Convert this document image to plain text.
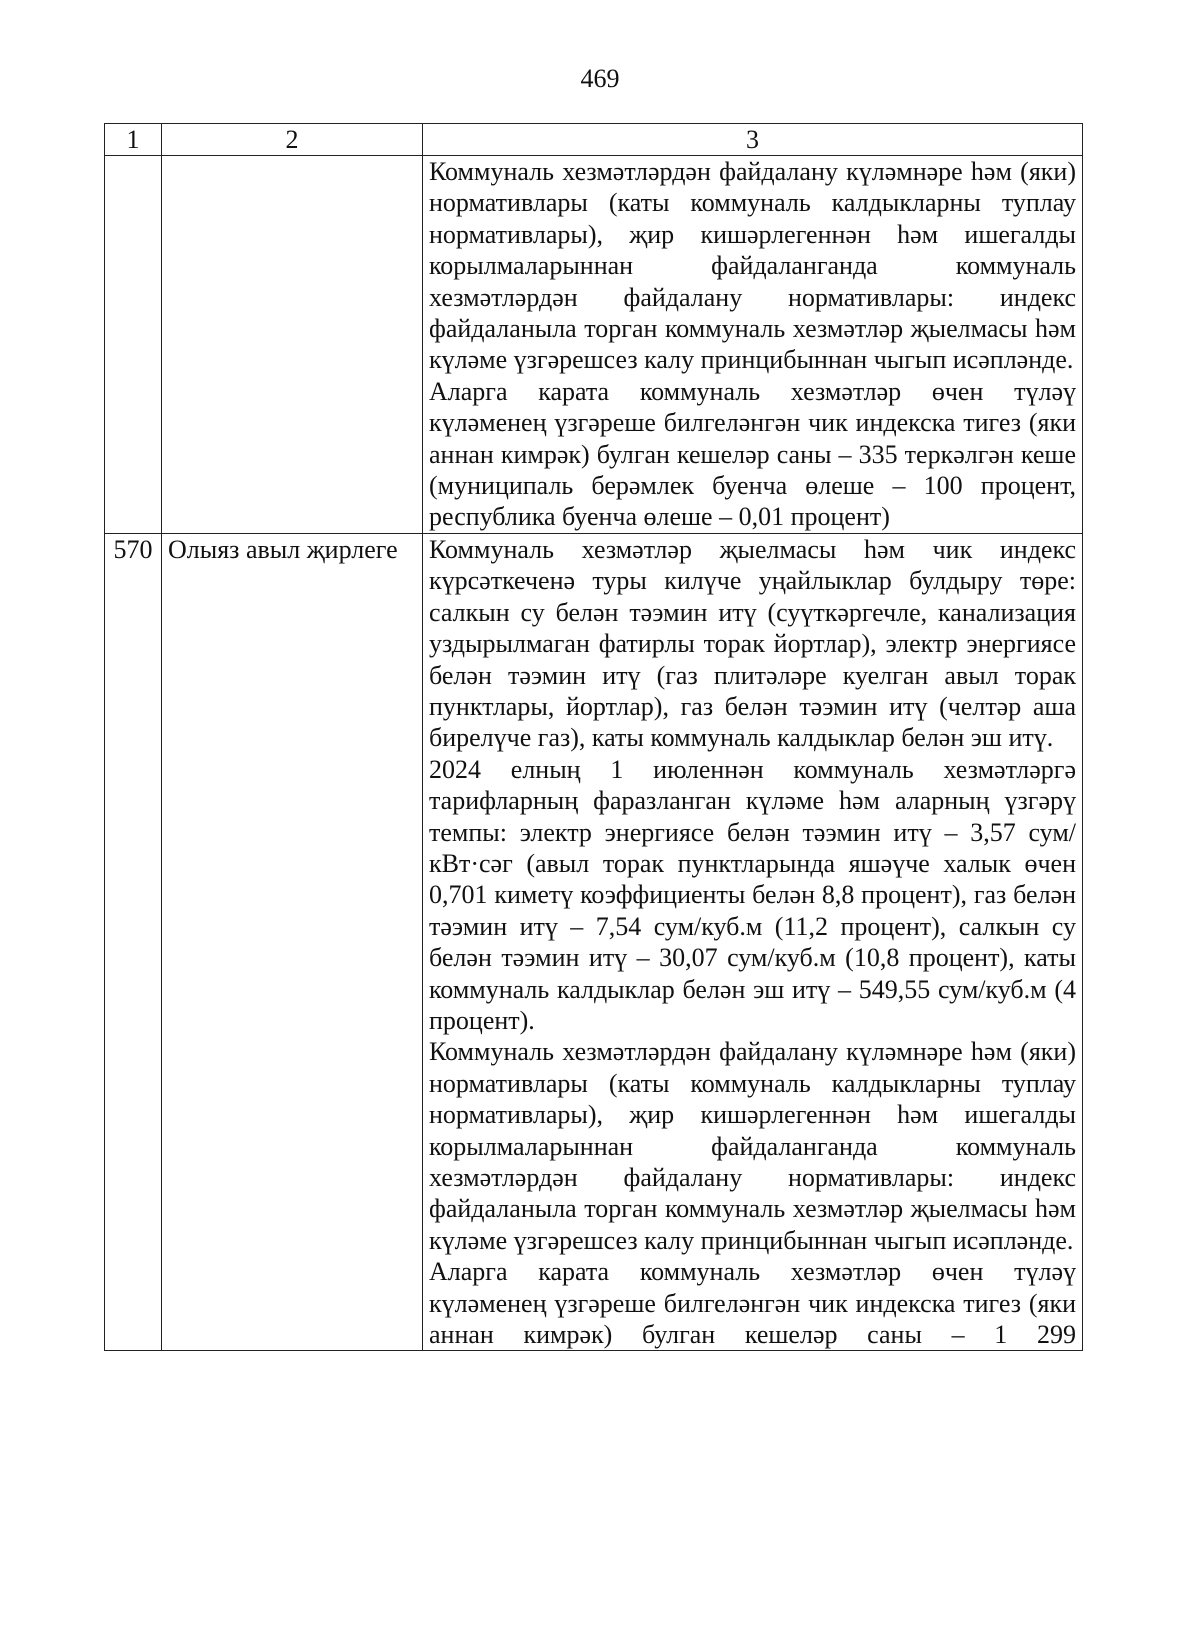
469
1	2	3

		Коммуналь хезмәтләрдән файдалану күләмнәре һәм (яки) нормативлары (каты коммуналь калдыкларны туплау нормативлары), җир кишәрлегеннән һәм ишегалды корылмаларыннан файдаланганда коммуналь хезмәтләрдән файдалану нормативлары: индекс файдаланыла торган коммуналь хезмәтләр җыелмасы һәм күләме үзгәрешсез калу принцибыннан чыгып исәпләнде.

Аларга карата коммуналь хезмәтләр өчен түләү күләменең үзгәреше билгеләнгән чик индекска тигез (яки аннан кимрәк) булган кешеләр саны – 335 теркәлгән кеше (муниципаль берәмлек буенча өлеше – 100 процент, республика буенча өлеше – 0,01 процент)

570	Олыяз авыл җирлеге	Коммуналь хезмәтләр җыелмасы һәм чик индекс күрсәткеченә туры килүче уңайлыклар булдыру төре: салкын су белән тәэмин итү (суүткәргечле, канализация уздырылмаган фатирлы торак йортлар), электр энергиясе белән тәэмин итү (газ плитәләре куелган авыл торак пунктлары, йортлар), газ белән тәэмин итү (челтәр аша бирелүче газ), каты коммуналь калдыклар белән эш итү.

2024 елның 1 июленнән коммуналь хезмәтләргә тарифларның фаразланган күләме һәм аларның үзгәрү темпы: электр энергиясе белән тәэмин итү – 3,57 сум/кВт·сәг (авыл торак пунктларында яшәүче халык өчен 0,701 киметү коэффициенты белән 8,8 процент), газ белән тәэмин итү – 7,54 сум/куб.м (11,2 процент), салкын су белән тәэмин итү – 30,07 сум/куб.м (10,8 процент), каты коммуналь калдыклар белән эш итү – 549,55 сум/куб.м (4 процент).

Коммуналь хезмәтләрдән файдалану күләмнәре һәм (яки) нормативлары (каты коммуналь калдыкларны туплау нормативлары), җир кишәрлегеннән һәм ишегалды корылмаларыннан файдаланганда коммуналь хезмәтләрдән файдалану нормативлары: индекс файдаланыла торган коммуналь хезмәтләр җыелмасы һәм күләме үзгәрешсез калу принцибыннан чыгып исәпләнде.

Аларга карата коммуналь хезмәтләр өчен түләү күләменең үзгәреше билгеләнгән чик индекска тигез (яки аннан кимрәк) булган кешеләр саны – 1 299
